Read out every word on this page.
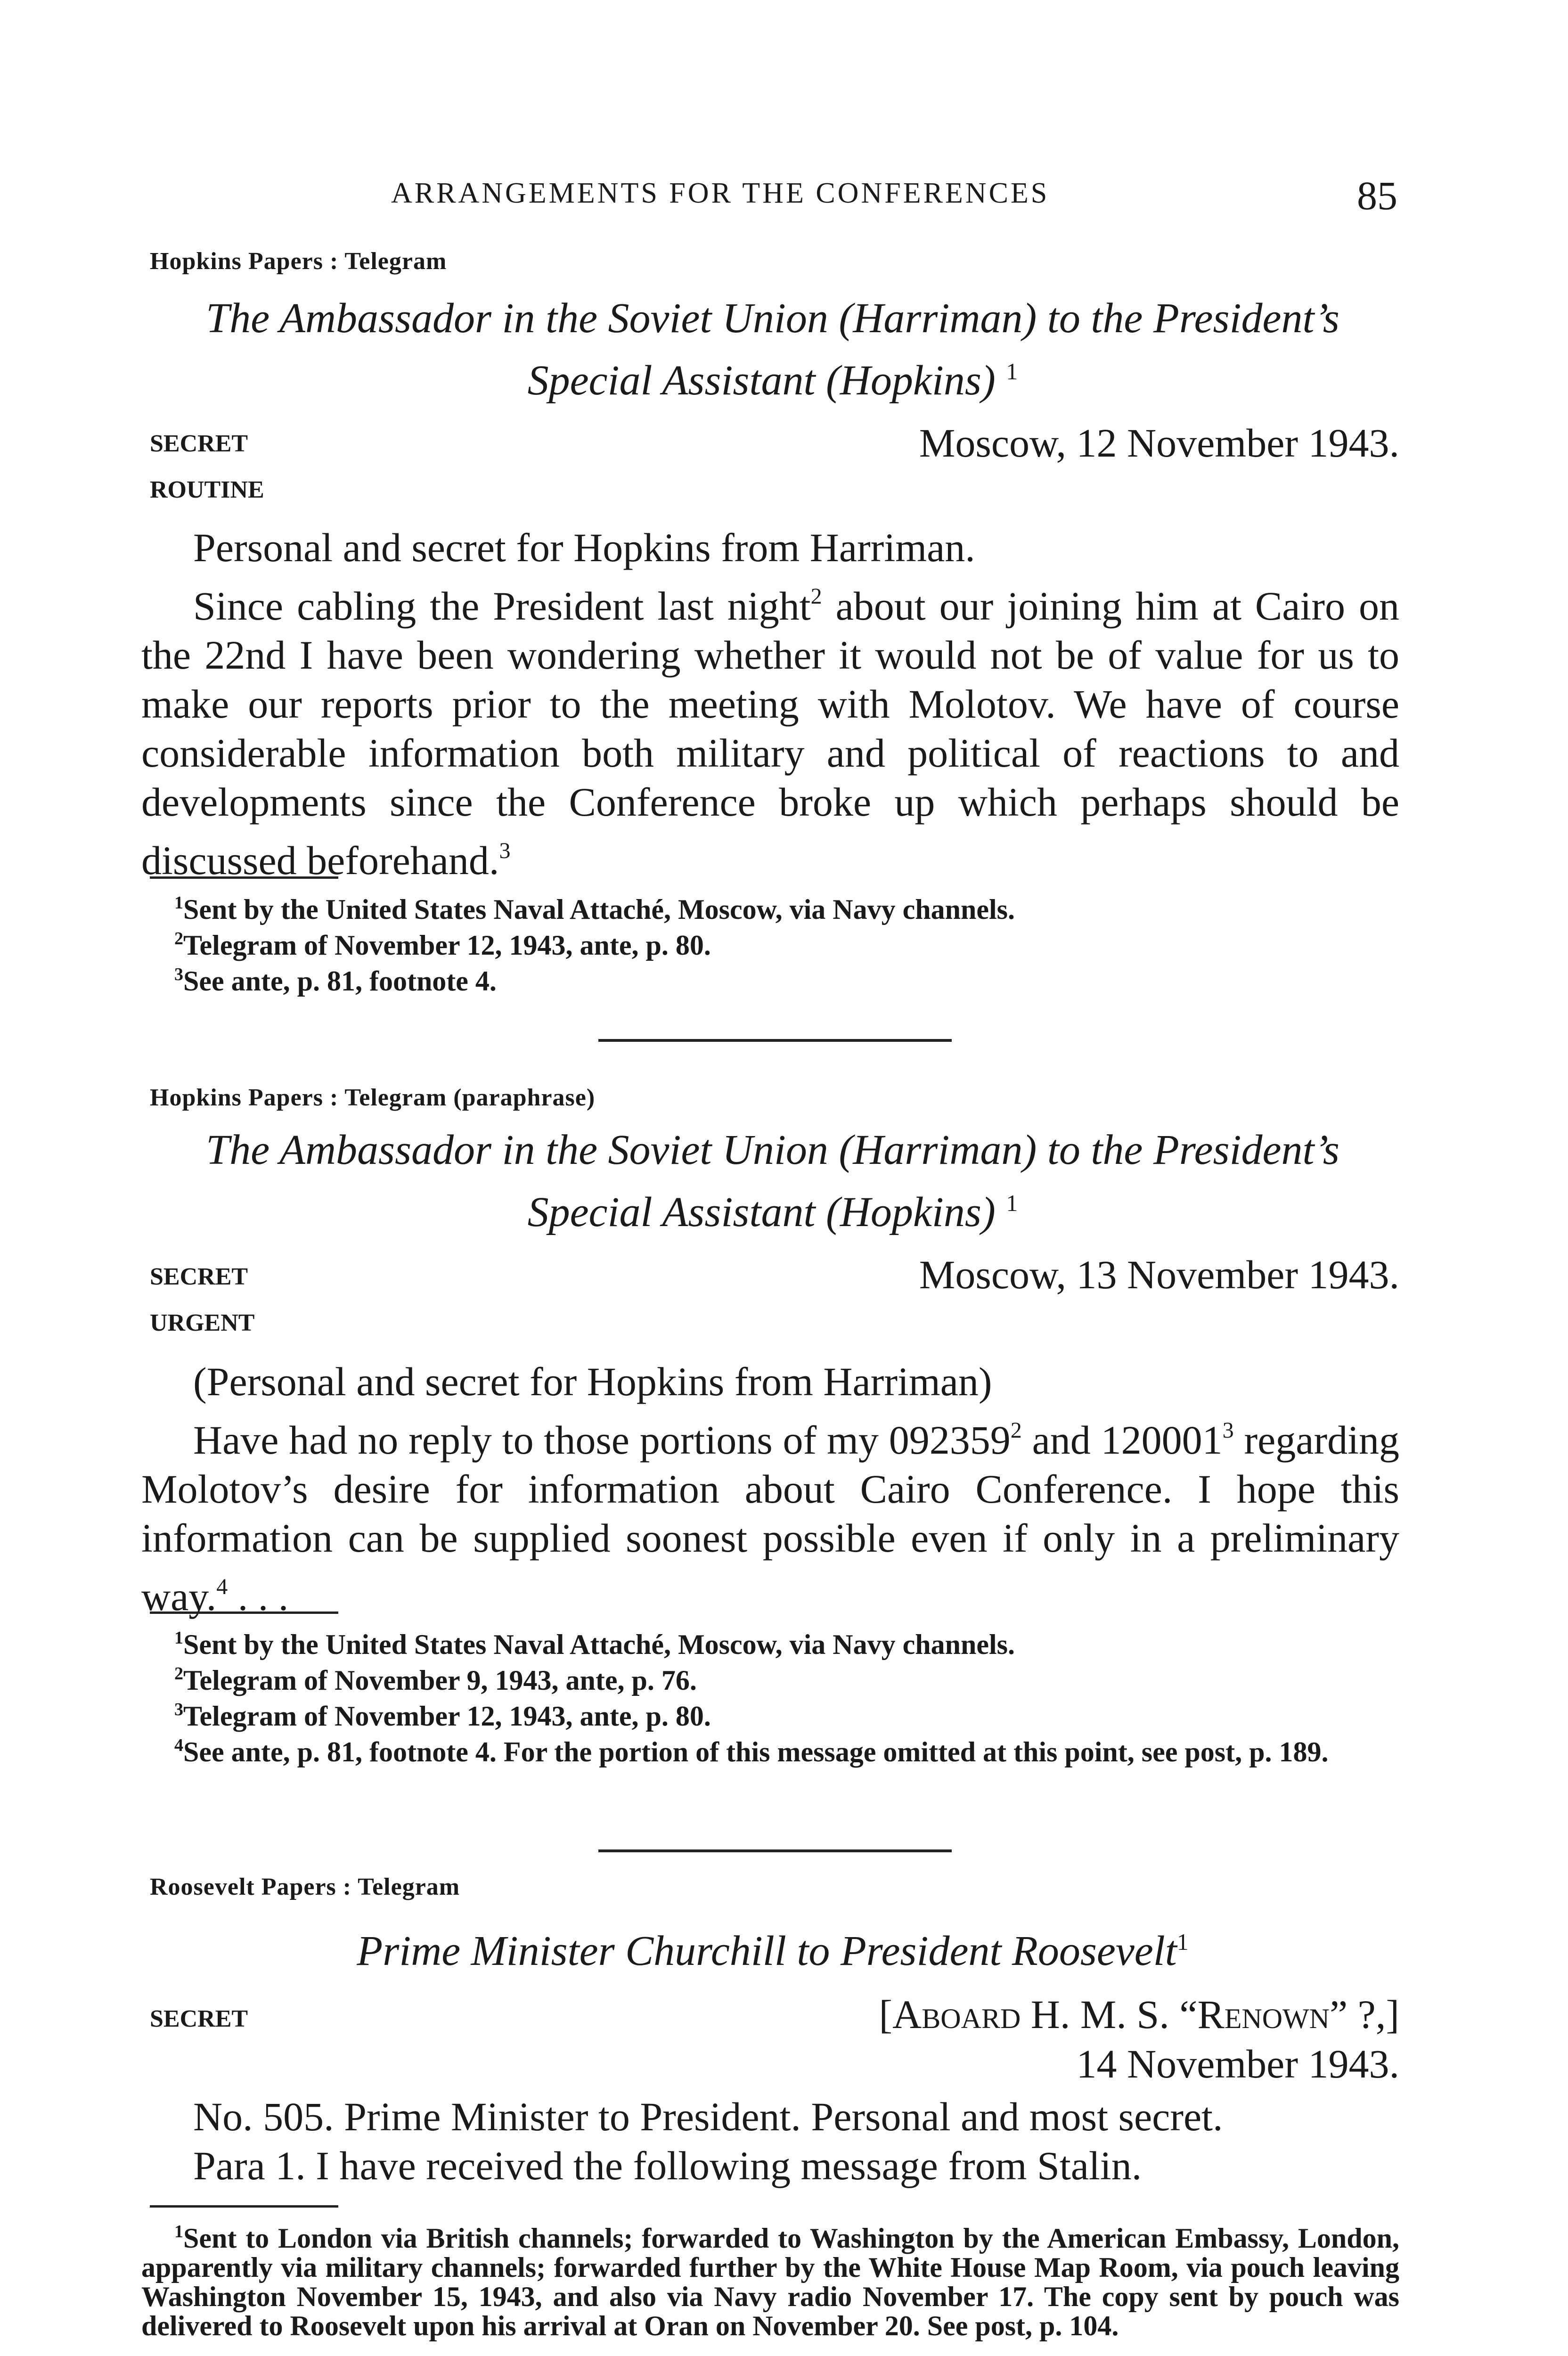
ARRANGEMENTS FOR THE CONFERENCES	85
Hopkins Papers : Telegram
The Ambassador in the Soviet Union (Harriman) to the President’s
Special Assistant (Hopkins) $^1$
SECRET
ROUTINE
Moscow, 12 November 1943.
Personal and secret for Hopkins from Harriman.
Since cabling the President last night$^2$ about our joining him at Cairo on the 22nd I have been wondering whether it would not be of value for us to make our reports prior to the meeting with Molotov. We have of course considerable information both military and political of reactions to and developments since the Conference broke up which perhaps should be discussed beforehand.$^3$
$^1$Sent by the United States Naval Attaché, Moscow, via Navy channels.
$^2$Telegram of November 12, 1943, ante, p. 80.
$^3$See ante, p. 81, footnote 4.
Hopkins Papers : Telegram (paraphrase)
The Ambassador in the Soviet Union (Harriman) to the President’s
Special Assistant (Hopkins) $^1$
SECRET
URGENT
Moscow, 13 November 1943.
(Personal and secret for Hopkins from Harriman)
Have had no reply to those portions of my 092359$^2$ and 120001$^3$ regarding Molotov’s desire for information about Cairo Conference. I hope this information can be supplied soonest possible even if only in a preliminary way.$^4$ . . .
$^1$Sent by the United States Naval Attaché, Moscow, via Navy channels.
$^2$Telegram of November 9, 1943, ante, p. 76.
$^3$Telegram of November 12, 1943, ante, p. 80.
$^4$See ante, p. 81, footnote 4. For the portion of this message omitted at this point, see post, p. 189.
Roosevelt Papers : Telegram
Prime Minister Churchill to President Roosevelt$^1$
SECRET	[Aboard H. M. S. “Renown” ?,]
14 November 1943.
No. 505. Prime Minister to President. Personal and most secret.
Para 1. I have received the following message from Stalin.
$^1$Sent to London via British channels; forwarded to Washington by the American Embassy, London, apparently via military channels; forwarded further by the White House Map Room, via pouch leaving Washington November 15, 1943, and also via Navy radio November 17. The copy sent by pouch was delivered to Roosevelt upon his arrival at Oran on November 20. See post, p. 104.
